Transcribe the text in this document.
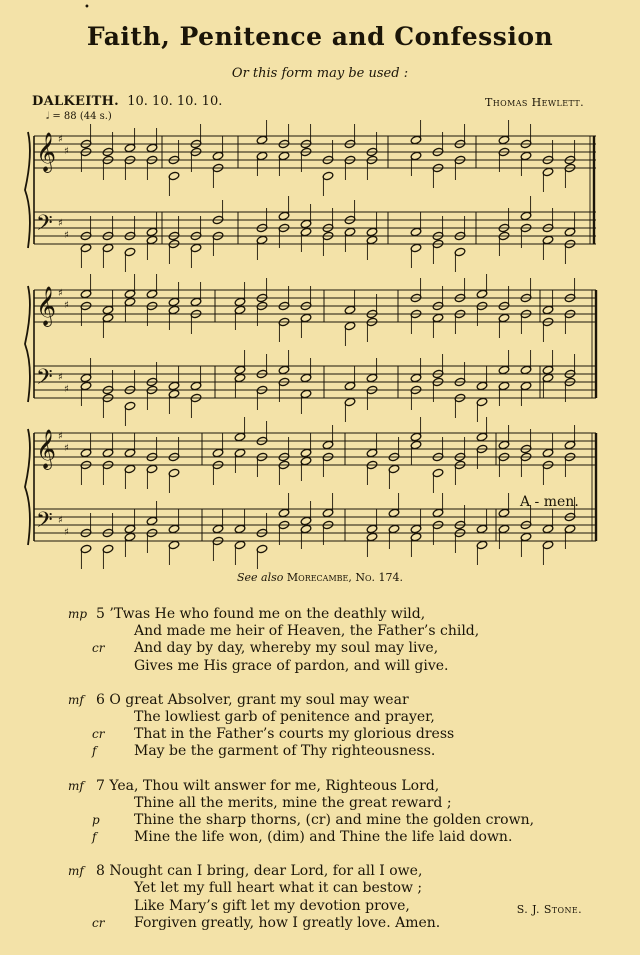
•
Faith, Penitence and Confession
Or this form may be used :
DALKEITH. 10. 10. 10. 10.
𝅗𝅥 = 88 (44 s.)
Thomas Hewlett.
𝄞
𝄢
♯
♯
♯
♯
𝄞
𝄢
♯
♯
♯
♯
𝄞
𝄢
♯
♯
♯
♯
A - men.
See also Morecambe, No. 174.
mp 5 ’Twas He who found me on the deathly wild,
And made me heir of Heaven, the Father’s child,
cr And day by day, whereby my soul may live,
Gives me His grace of pardon, and will give.
mf 6 O great Absolver, grant my soul may wear
The lowliest garb of penitence and prayer,
cr That in the Father’s courts my glorious dress
f	May be the garment of Thy righteousness.
mf 7 Yea, Thou wilt answer for me, Righteous Lord,
Thine all the merits, mine the great reward ;
p Thine the sharp thorns, (cr) and mine the golden crown,
f	Mine the life won, (dim) and Thine the life laid down.
mf 8 Nought can I bring, dear Lord, for all I owe,
Yet let my full heart what it can bestow ;
Like Mary’s gift let my devotion prove,
cr Forgiven greatly, how I greatly love. Amen.
S. J. Stone.
